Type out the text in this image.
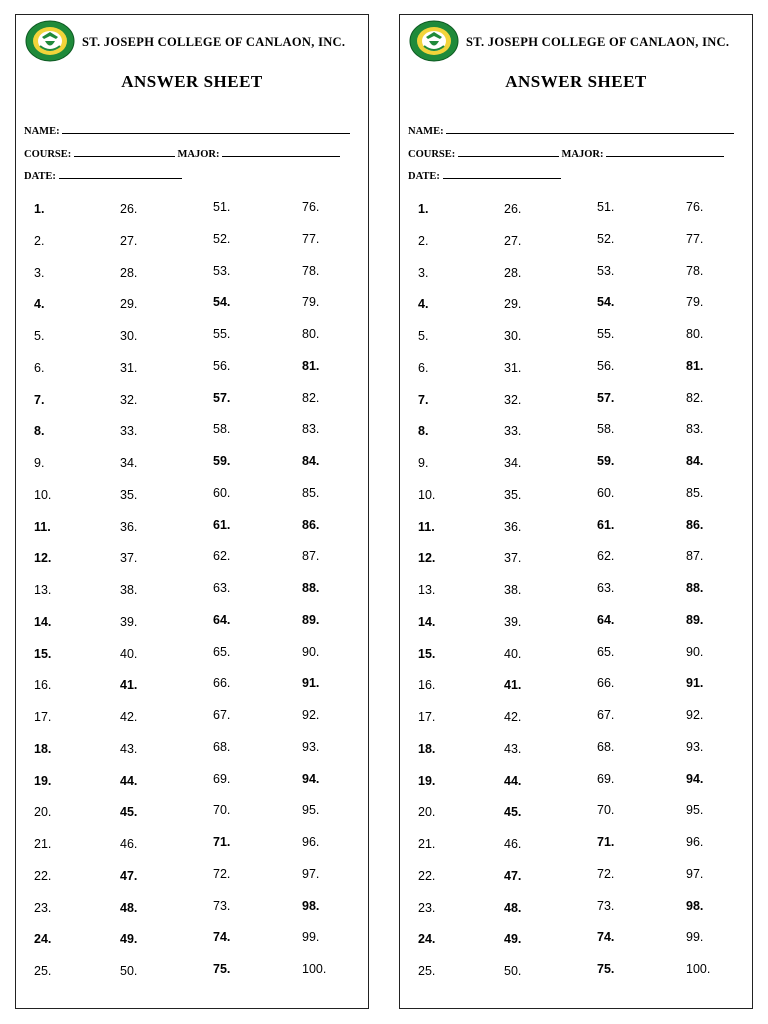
ST. JOSEPH COLLEGE OF CANLAON, INC.
ANSWER SHEET
NAME:
COURSE:	MAJOR:
DATE:
1.
2.
3.
4.
5.
6.
7.
8.
9.
10.
11.
12.
13.
14.
15.
16.
17.
18.
19.
20.
21.
22.
23.
24.
25.
26.
27.
28.
29.
30.
31.
32.
33.
34.
35.
36.
37.
38.
39.
40.
41.
42.
43.
44.
45.
46.
47.
48.
49.
50.
51.
52.
53.
54.
55.
56.
57.
58.
59.
60.
61.
62.
63.
64.
65.
66.
67.
68.
69.
70.
71.
72.
73.
74.
75.
76.
77.
78.
79.
80.
81.
82.
83.
84.
85.
86.
87.
88.
89.
90.
91.
92.
93.
94.
95.
96.
97.
98.
99.
100.
ST. JOSEPH COLLEGE OF CANLAON, INC.
ANSWER SHEET
NAME:
COURSE:	MAJOR:
DATE:
1.
2.
3.
4.
5.
6.
7.
8.
9.
10.
11.
12.
13.
14.
15.
16.
17.
18.
19.
20.
21.
22.
23.
24.
25.
26.
27.
28.
29.
30.
31.
32.
33.
34.
35.
36.
37.
38.
39.
40.
41.
42.
43.
44.
45.
46.
47.
48.
49.
50.
51.
52.
53.
54.
55.
56.
57.
58.
59.
60.
61.
62.
63.
64.
65.
66.
67.
68.
69.
70.
71.
72.
73.
74.
75.
76.
77.
78.
79.
80.
81.
82.
83.
84.
85.
86.
87.
88.
89.
90.
91.
92.
93.
94.
95.
96.
97.
98.
99.
100.
